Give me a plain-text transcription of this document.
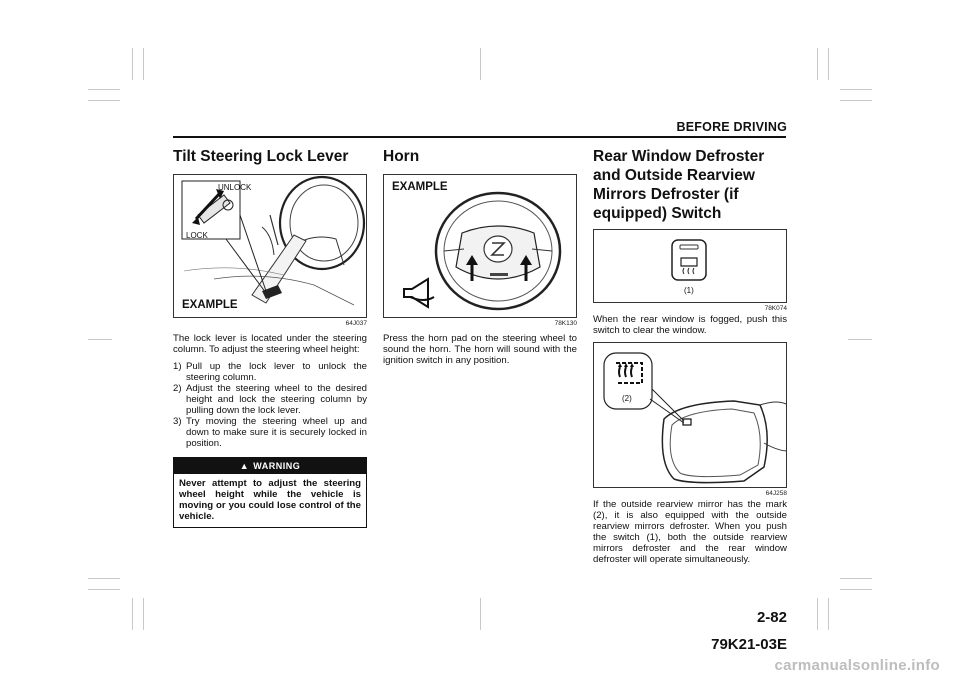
BEFORE DRIVING
Tilt Steering Lock Lever
UNLOCK
LOCK
EXAMPLE
64J037

The lock lever is located under the steering column. To adjust the steering wheel height:

1) Pull up the lock lever to unlock the steering column.
2) Adjust the steering wheel to the desired height and lock the steering column by pulling down the lock lever.
3) Try moving the steering wheel up and down to make sure it is securely locked in position.
▲ WARNING
Never attempt to adjust the steering wheel height while the vehicle is moving or you could lose control of the vehicle.
Horn
EXAMPLE
78K130

Press the horn pad on the steering wheel to sound the horn. The horn will sound with the ignition switch in any position.

Rear Window Defroster and Outside Rearview Mirrors Defroster (if equipped) Switch
(1)
78K074

When the rear window is fogged, push this switch to clear the window.

(2)
64J258

If the outside rearview mirror has the mark (2), it is also equipped with the outside rearview mirrors defroster. When you push the switch (1), both the outside rearview mirrors defroster and the rear window defroster will operate simultaneously.

2-82
79K21-03E
carmanualsonline.info
